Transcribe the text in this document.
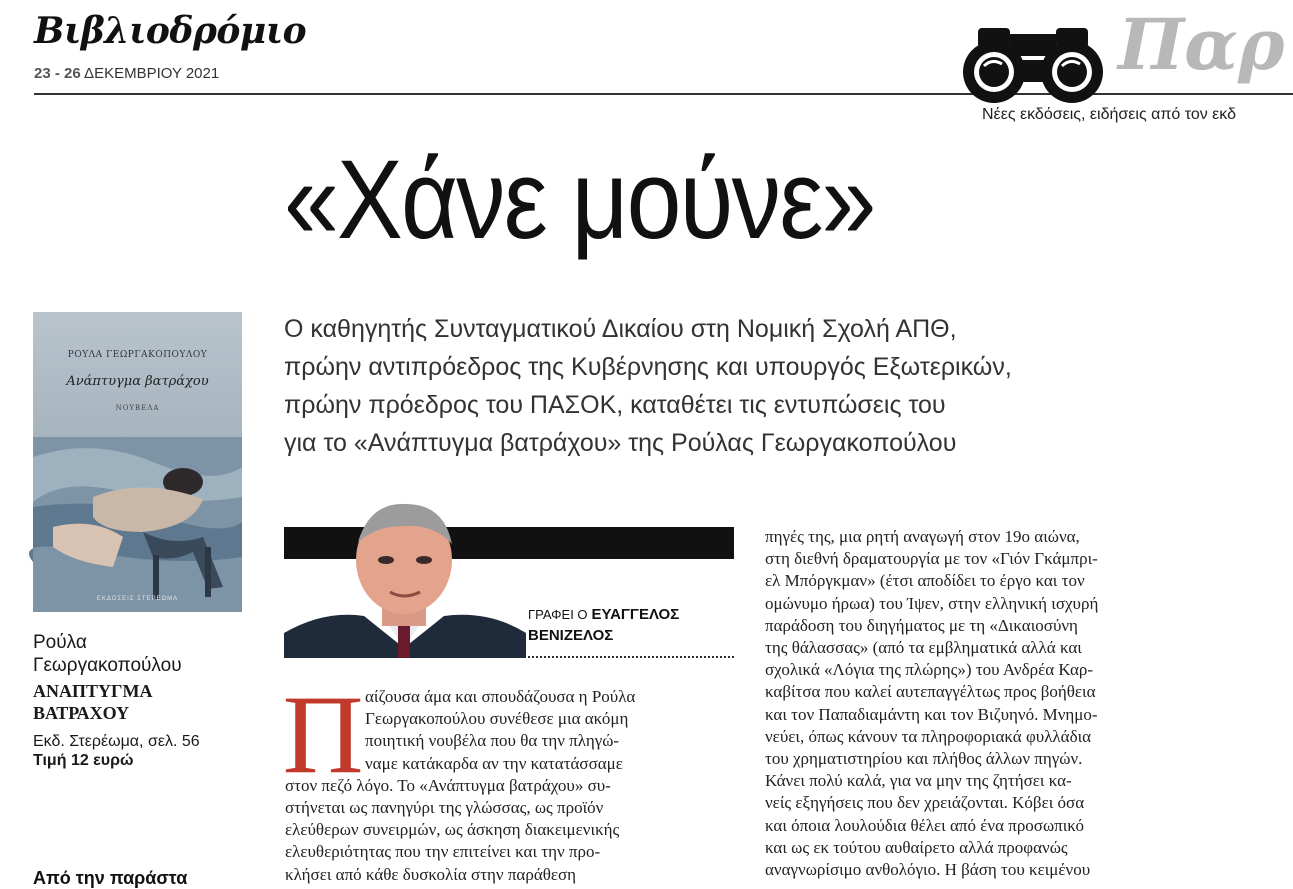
Βιβλιοδρόμιο
23 - 26 ΔΕΚΕΜΒΡΙΟΥ 2021	Παρ
Νέες εκδόσεις, ειδήσεις από τον εκδ
«Χάνε μούνε»
ΡΟΥΛΑ ΓΕΩΡΓΑΚΟΠΟΥΛΟΥ
Ανάπτυγμα βατράχου
ΝΟΥΒΕΛΑ
ΕΚΔΟΣΕΙΣ ΣΤΕΡΕΩΜΑ
Ρούλα
Γεωργακοπούλου
ΑΝΑΠΤΥΓΜΑ
ΒΑΤΡΑΧΟΥ
Εκδ. Στερέωμα, σελ. 56
Τιμή 12 ευρώ
Από την παράστα
Ο καθηγητής Συνταγματικού Δικαίου στη Νομική Σχολή ΑΠΘ,
πρώην αντιπρόεδρος της Κυβέρνησης και υπουργός Εξωτερικών,
πρώην πρόεδρος του ΠΑΣΟΚ, καταθέτει τις εντυπώσεις του
για το «Ανάπτυγμα βατράχου» της Ρούλας Γεωργακοπούλου
ΓΡΑΦΕΙ Ο ΕΥΑΓΓΕΛΟΣ
ΒΕΝΙΖΕΛΟΣ
Π αίζουσα άμα και σπουδάζουσα η Ρούλα
Γεωργακοπούλου συνέθεσε μια ακόμη
ποιητική νουβέλα που θα την πληγώ-
ναμε κατάκαρδα αν την κατατάσσαμε
στον πεζό λόγο. Το «Ανάπτυγμα βατράχου» συ-
στήνεται ως πανηγύρι της γλώσσας, ως προϊόν
ελεύθερων συνειρμών, ως άσκηση διακειμενικής
ελευθεριότητας που την επιτείνει και την προ-
κλήσει από κάθε δυσκολία στην παράθεση
πηγές της, μια ρητή αναγωγή στον 19ο αιώνα,
στη διεθνή δραματουργία με τον «Γιόν Γκάμπρι-
ελ Μπόργκμαν» (έτσι αποδίδει το έργο και τον
ομώνυμο ήρωα) του Ίψεν, στην ελληνική ισχυρή
παράδοση του διηγήματος με τη «Δικαιοσύνη
της θάλασσας» (από τα εμβληματικά αλλά και
σχολικά «Λόγια της πλώρης») του Ανδρέα Καρ-
καβίτσα που καλεί αυτεπαγγέλτως προς βοήθεια
και τον Παπαδιαμάντη και τον Βιζυηνό. Μνημο-
νεύει, όπως κάνουν τα πληροφοριακά φυλλάδια
του χρηματιστηρίου και πλήθος άλλων πηγών.
Κάνει πολύ καλά, για να μην της ζητήσει κα-
νείς εξηγήσεις που δεν χρειάζονται. Κόβει όσα
και όποια λουλούδια θέλει από ένα προσωπικό
και ως εκ τούτου αυθαίρετο αλλά προφανώς
αναγνωρίσιμο ανθολόγιο. Η βάση του κειμένου
